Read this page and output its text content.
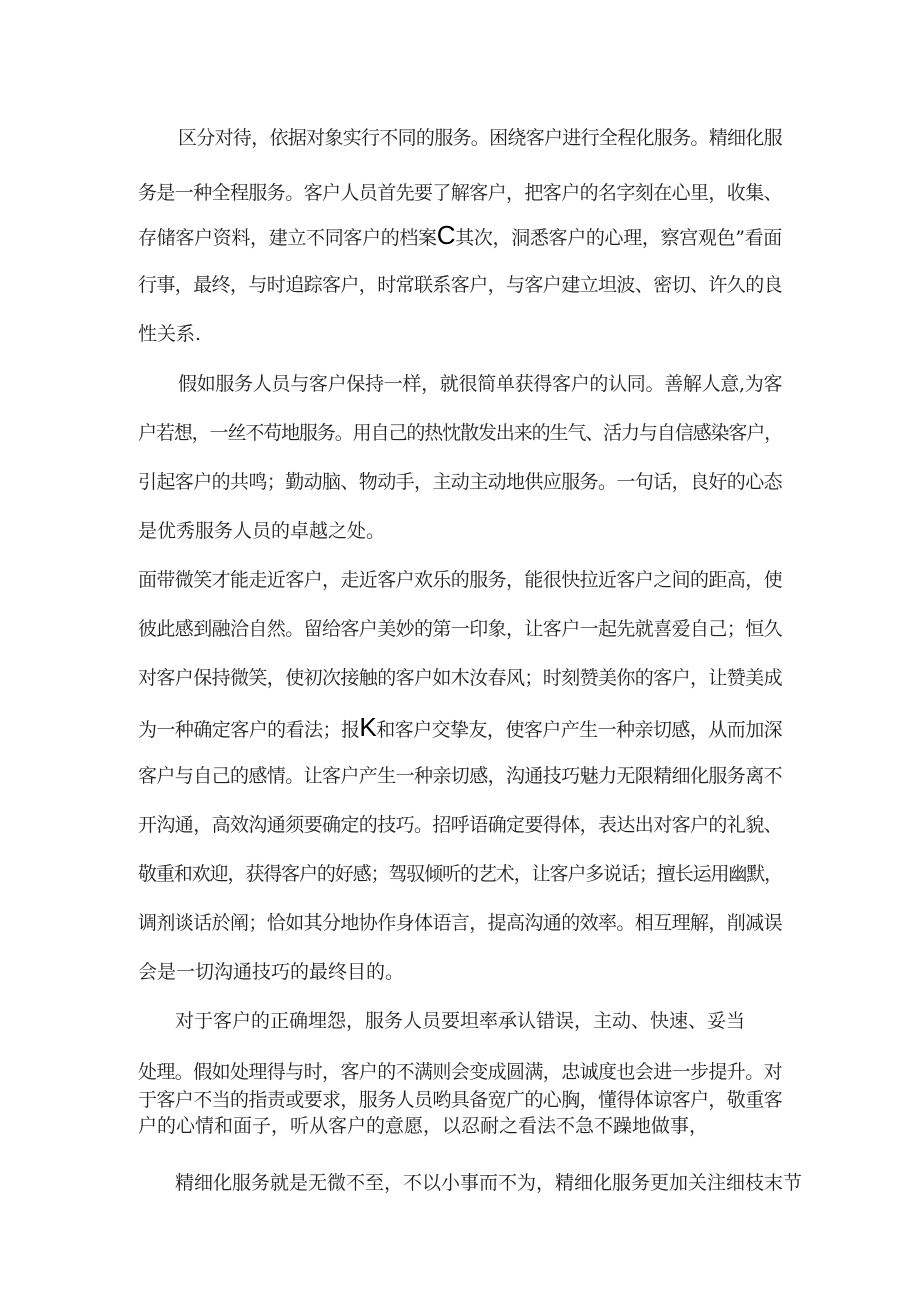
区分对待，依据对象实行不同的服务。困绕客户进行全程化服务。精细化服
务是一种全程服务。客户人员首先要了解客户，把客户的名字刻在心里，收集、
存储客户资料，建立不同客户的档案C其次，洞悉客户的心理，察宫观色”看面
行事，最终，与时追踪客户，时常联系客户，与客户建立坦波、密切、许久的良
性关系.
假如服务人员与客户保持一样，就很简单获得客户的认同。善解人意,为客
户若想，一丝不苟地服务。用自己的热忱散发出来的生气、活力与自信感染客户，
引起客户的共鸣；勤动脑、物动手，主动主动地供应服务。一句话，良好的心态
是优秀服务人员的卓越之处。
面带微笑才能走近客户，走近客户欢乐的服务，能很快拉近客户之间的距高，使
彼此感到融洽自然。留给客户美妙的第一印象，让客户一起先就喜爱自己；恒久
对客户保持微笑，使初次接触的客户如木汝春风；时刻赞美你的客户，让赞美成
为一种确定客户的看法；报K和客户交挚友，使客户产生一种亲切感，从而加深
客户与自己的感情。让客户产生一种亲切感，沟通技巧魅力无限精细化服务离不
开沟通，高效沟通须要确定的技巧。招呼语确定要得体，表达出对客户的礼貌、
敬重和欢迎，获得客户的好感；驾驭倾听的艺术，让客户多说话；擅长运用幽默，
调剂谈话於阐；恰如其分地协作身体语言，提高沟通的效率。相互理解，削减误
会是一切沟通技巧的最终目的。
对于客户的正确埋怨，服务人员要坦率承认错误，主动、快速、妥当
处理。假如处理得与时，客户的不满则会变成圆满，忠诚度也会进一步提升。对
于客户不当的指责或要求，服务人员哟具备宽广的心胸，懂得体谅客户，敬重客
户的心情和面子，听从客户的意愿，以忍耐之看法不急不躁地做事，
精细化服务就是无微不至，不以小事而不为，精细化服务更加关注细枝末节
